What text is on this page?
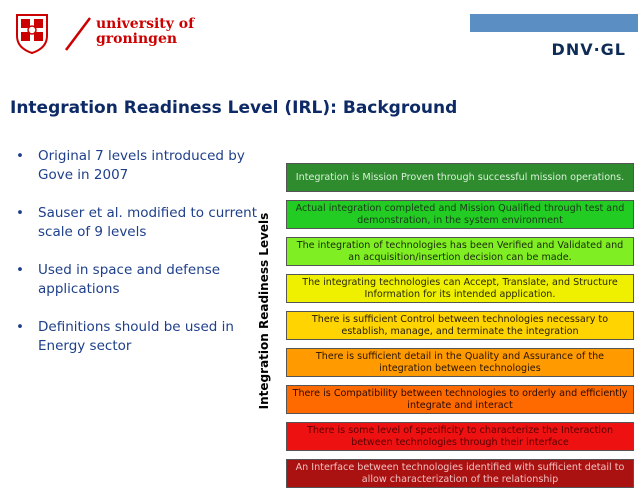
university of
groningen
DNV·GL
Integration Readiness Level (IRL): Background
• Original 7 levels introduced by Gove in 2007
• Sauser et al. modified to current scale of 9 levels
• Used in space and defense applications
• Definitions should be used in Energy sector	Integration Readiness Levels
Integration is Mission Proven through successful mission operations.
Actual integration completed and Mission Qualified through test and demonstration, in the system environment
The integration of technologies has been Verified and Validated and an acquisition/insertion decision can be made.
The integrating technologies can Accept, Translate, and Structure Information for its intended application.
There is sufficient Control between technologies necessary to establish, manage, and terminate the integration
There is sufficient detail in the Quality and Assurance of the integration between technologies
There is Compatibility between technologies to orderly and efficiently integrate and interact
There is some level of specificity to characterize the Interaction between technologies through their interface
An Interface between technologies identified with sufficient detail to allow characterization of the relationship
